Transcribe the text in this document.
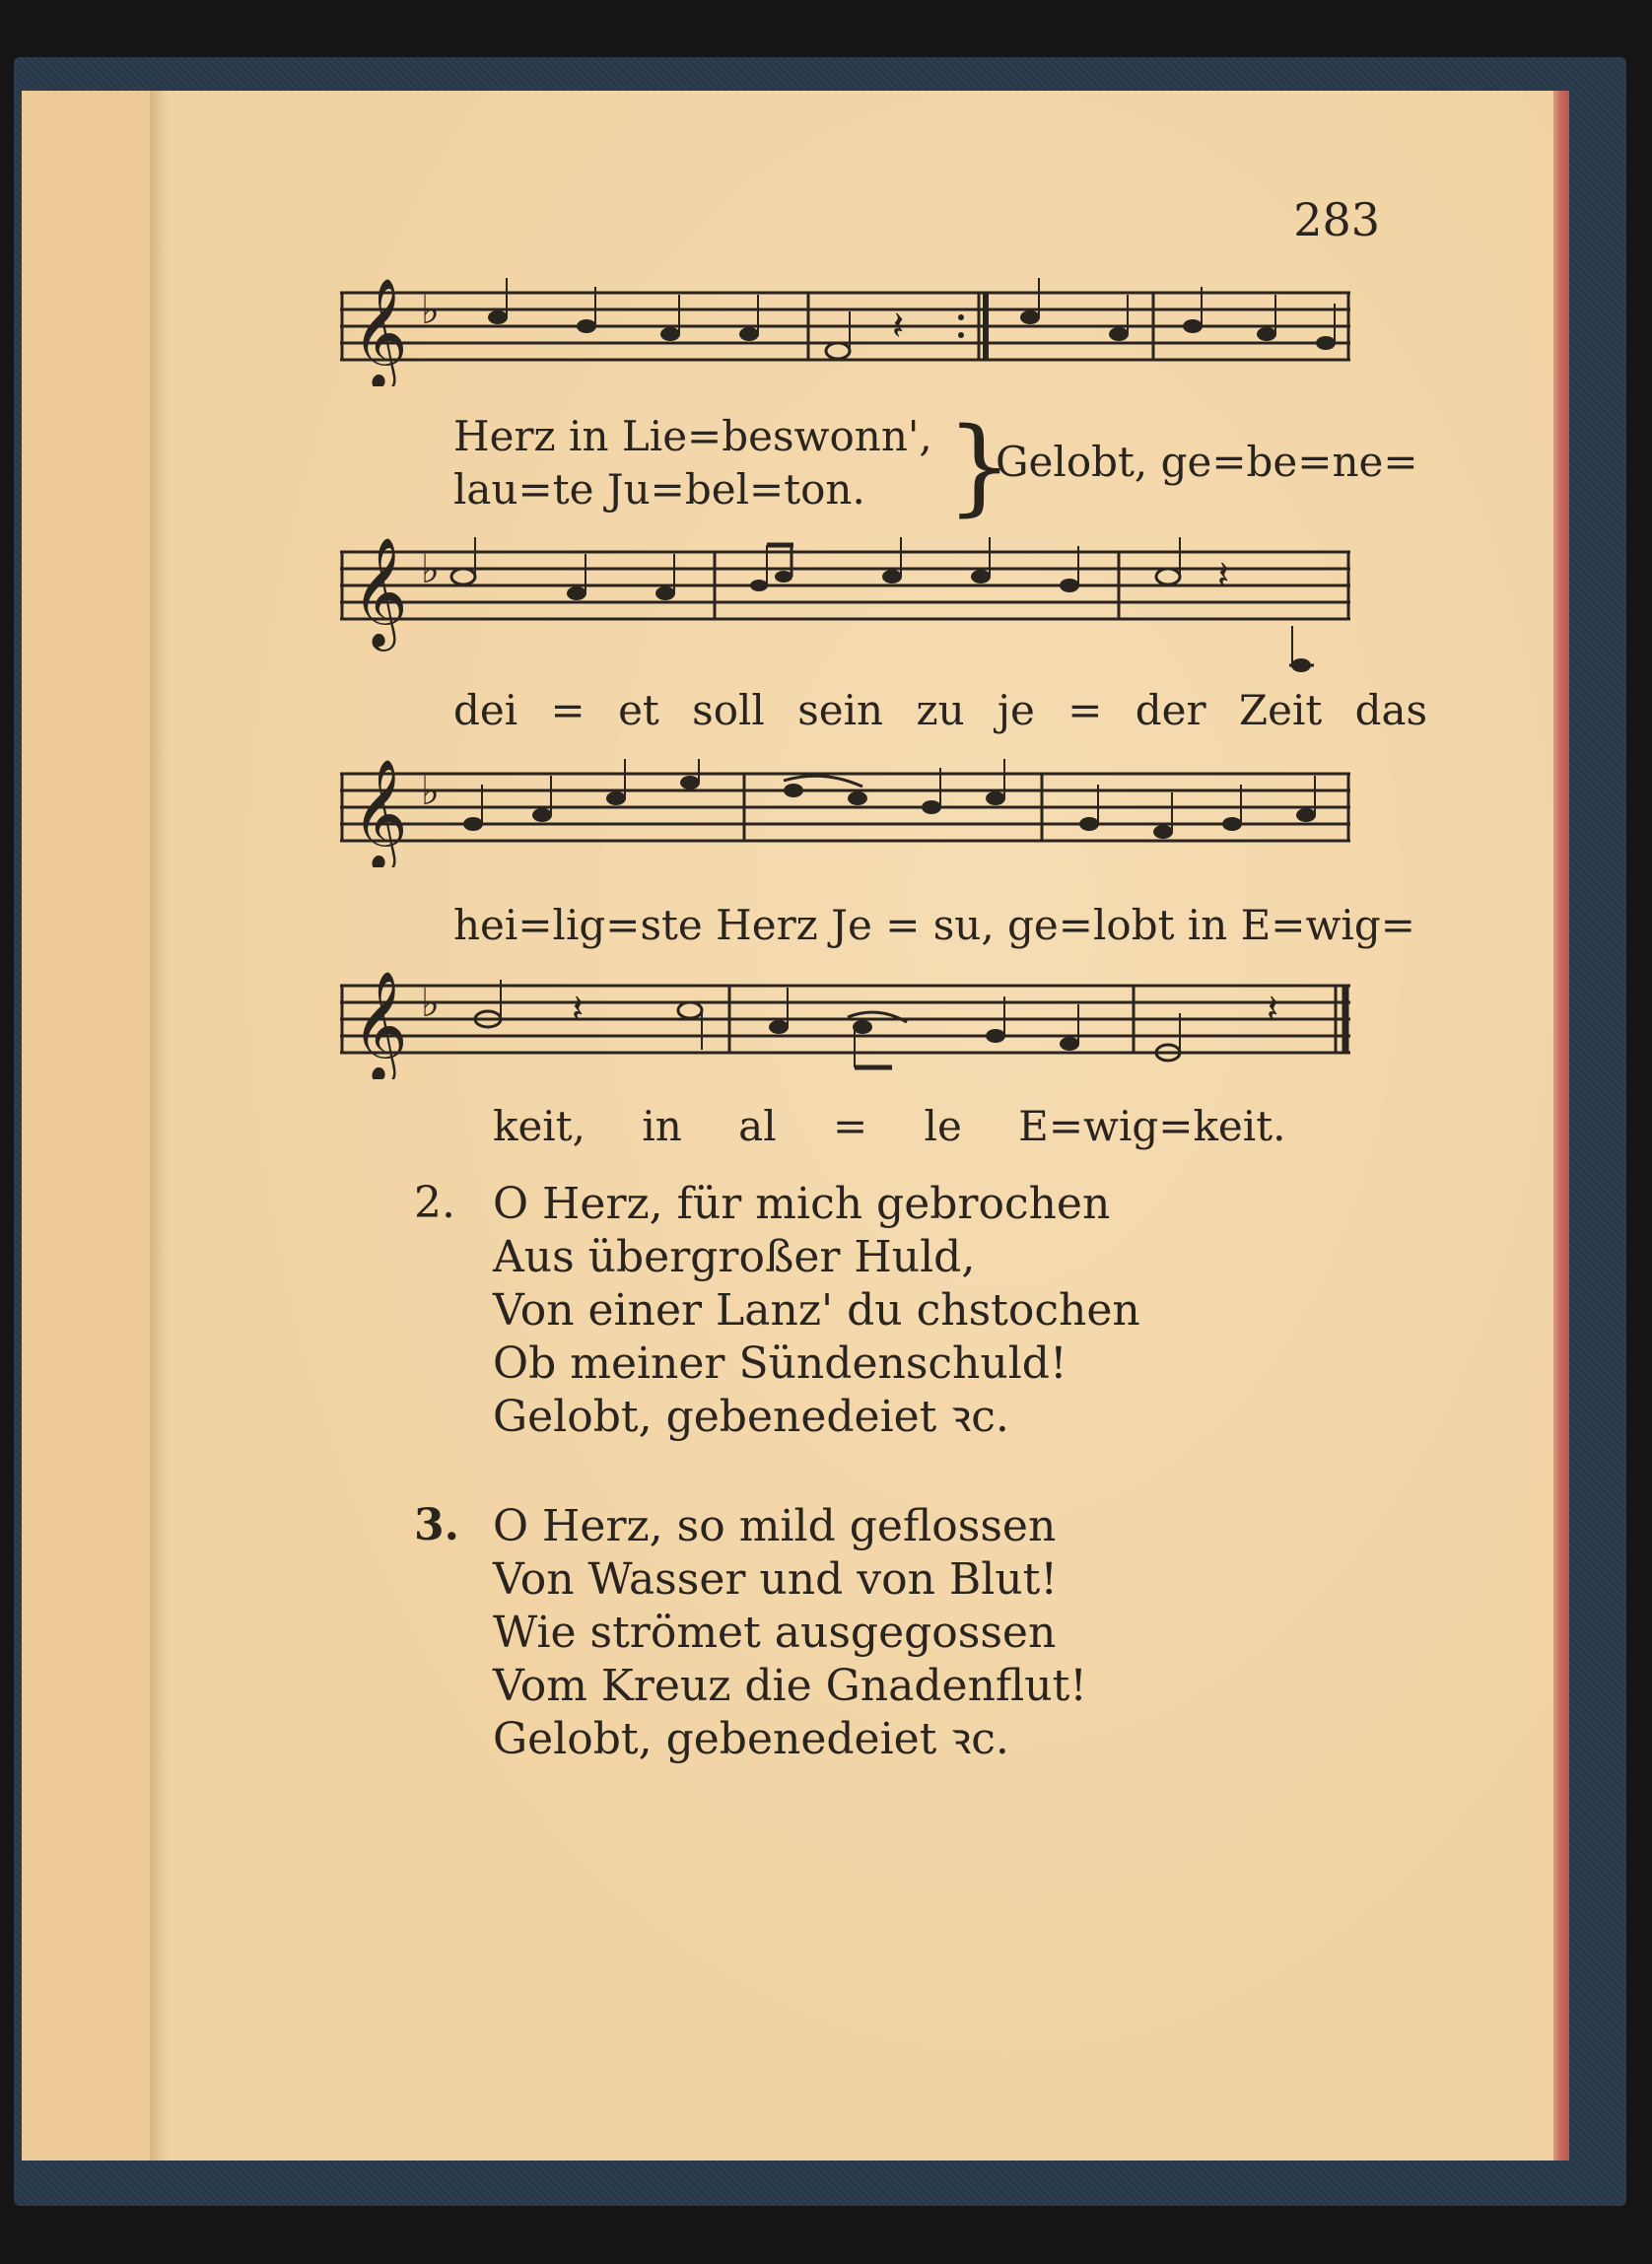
283
𝄞 ♭	𝄽
Herz in Lie=beswonn',
lau=te Ju=bel=ton. }
Gelobt, ge=be=ne=
𝄞 ♭	𝄽
dei = et soll sein zu je = der Zeit das
𝄞 ♭
hei=lig=ste Herz Je = su, ge=lobt in E=wig=
𝄞 ♭	𝄽	𝄽
keit, in al = le E=wig=keit.
2. O Herz, für mich gebrochen
Aus übergroßer Huld,
Von einer Lanz' du chstochen
Ob meiner Sündenschuld!
Gelobt, gebenedeiet ꝛc.
3. O Herz, so mild geflossen
Von Wasser und von Blut!
Wie strömet ausgegossen
Vom Kreuz die Gnadenflut!
Gelobt, gebenedeiet ꝛc.
